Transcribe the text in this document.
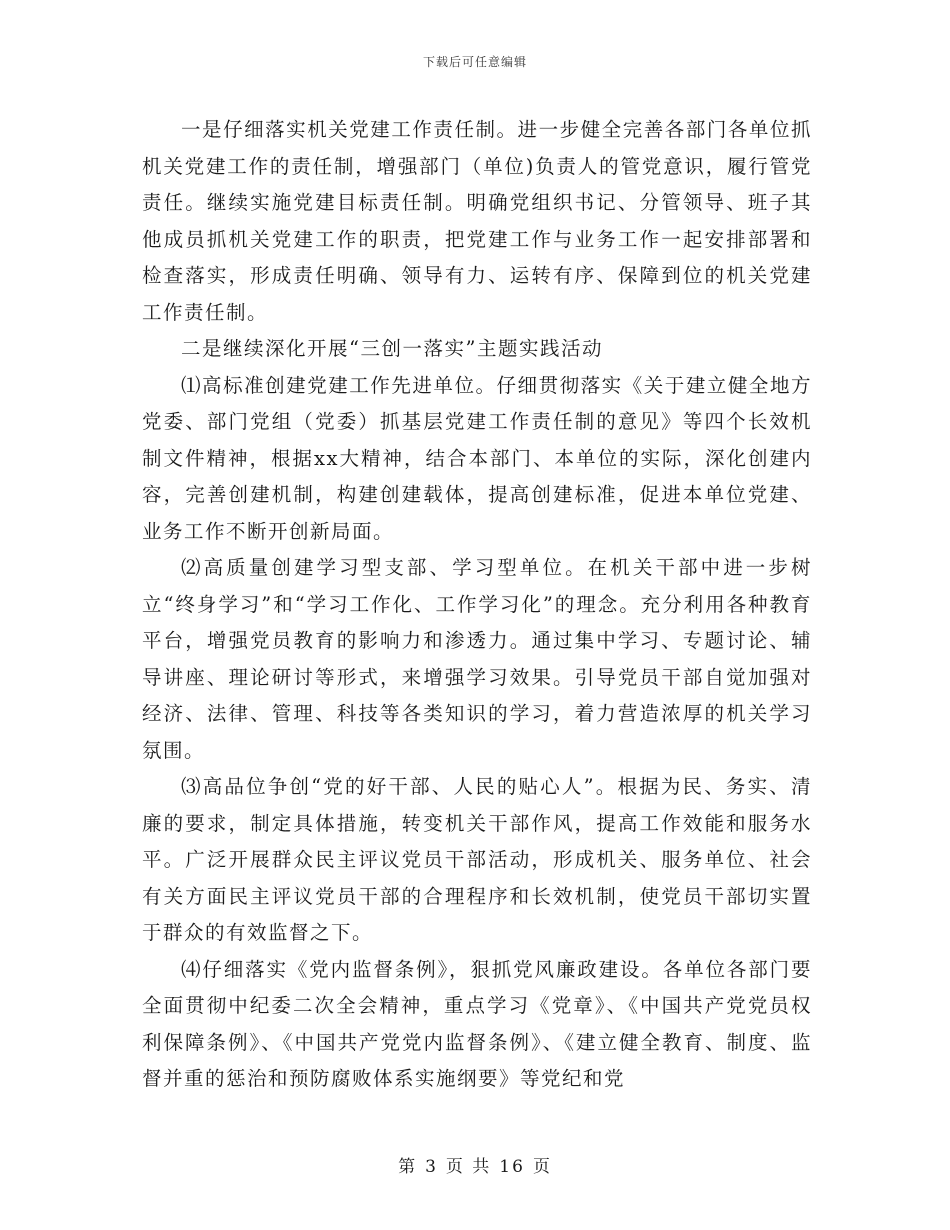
下载后可任意编辑

一是仔细落实机关党建工作责任制。进一步健全完善各部门各单位抓机关党建工作的责任制，增强部门（单位)负责人的管党意识，履行管党责任。继续实施党建目标责任制。明确党组织书记、分管领导、班子其他成员抓机关党建工作的职责，把党建工作与业务工作一起安排部署和检查落实，形成责任明确、领导有力、运转有序、保障到位的机关党建工作责任制。

二是继续深化开展“三创一落实”主题实践活动

⑴高标准创建党建工作先进单位。仔细贯彻落实《关于建立健全地方党委、部门党组（党委）抓基层党建工作责任制的意见》等四个长效机制文件精神，根据xx大精神，结合本部门、本单位的实际，深化创建内容，完善创建机制，构建创建载体，提高创建标准，促进本单位党建、业务工作不断开创新局面。

⑵高质量创建学习型支部、学习型单位。在机关干部中进一步树立“终身学习”和“学习工作化、工作学习化”的理念。充分利用各种教育平台，增强党员教育的影响力和渗透力。通过集中学习、专题讨论、辅导讲座、理论研讨等形式，来增强学习效果。引导党员干部自觉加强对经济、法律、管理、科技等各类知识的学习，着力营造浓厚的机关学习氛围。

⑶高品位争创“党的好干部、人民的贴心人”。根据为民、务实、清廉的要求，制定具体措施，转变机关干部作风，提高工作效能和服务水平。广泛开展群众民主评议党员干部活动，形成机关、服务单位、社会有关方面民主评议党员干部的合理程序和长效机制，使党员干部切实置于群众的有效监督之下。

⑷仔细落实《党内监督条例》，狠抓党风廉政建设。各单位各部门要全面贯彻中纪委二次全会精神，重点学习《党章》、《中国共产党党员权利保障条例》、《中国共产党党内监督条例》、《建立健全教育、制度、监督并重的惩治和预防腐败体系实施纲要》等党纪和党

第 3 页 共 16 页
